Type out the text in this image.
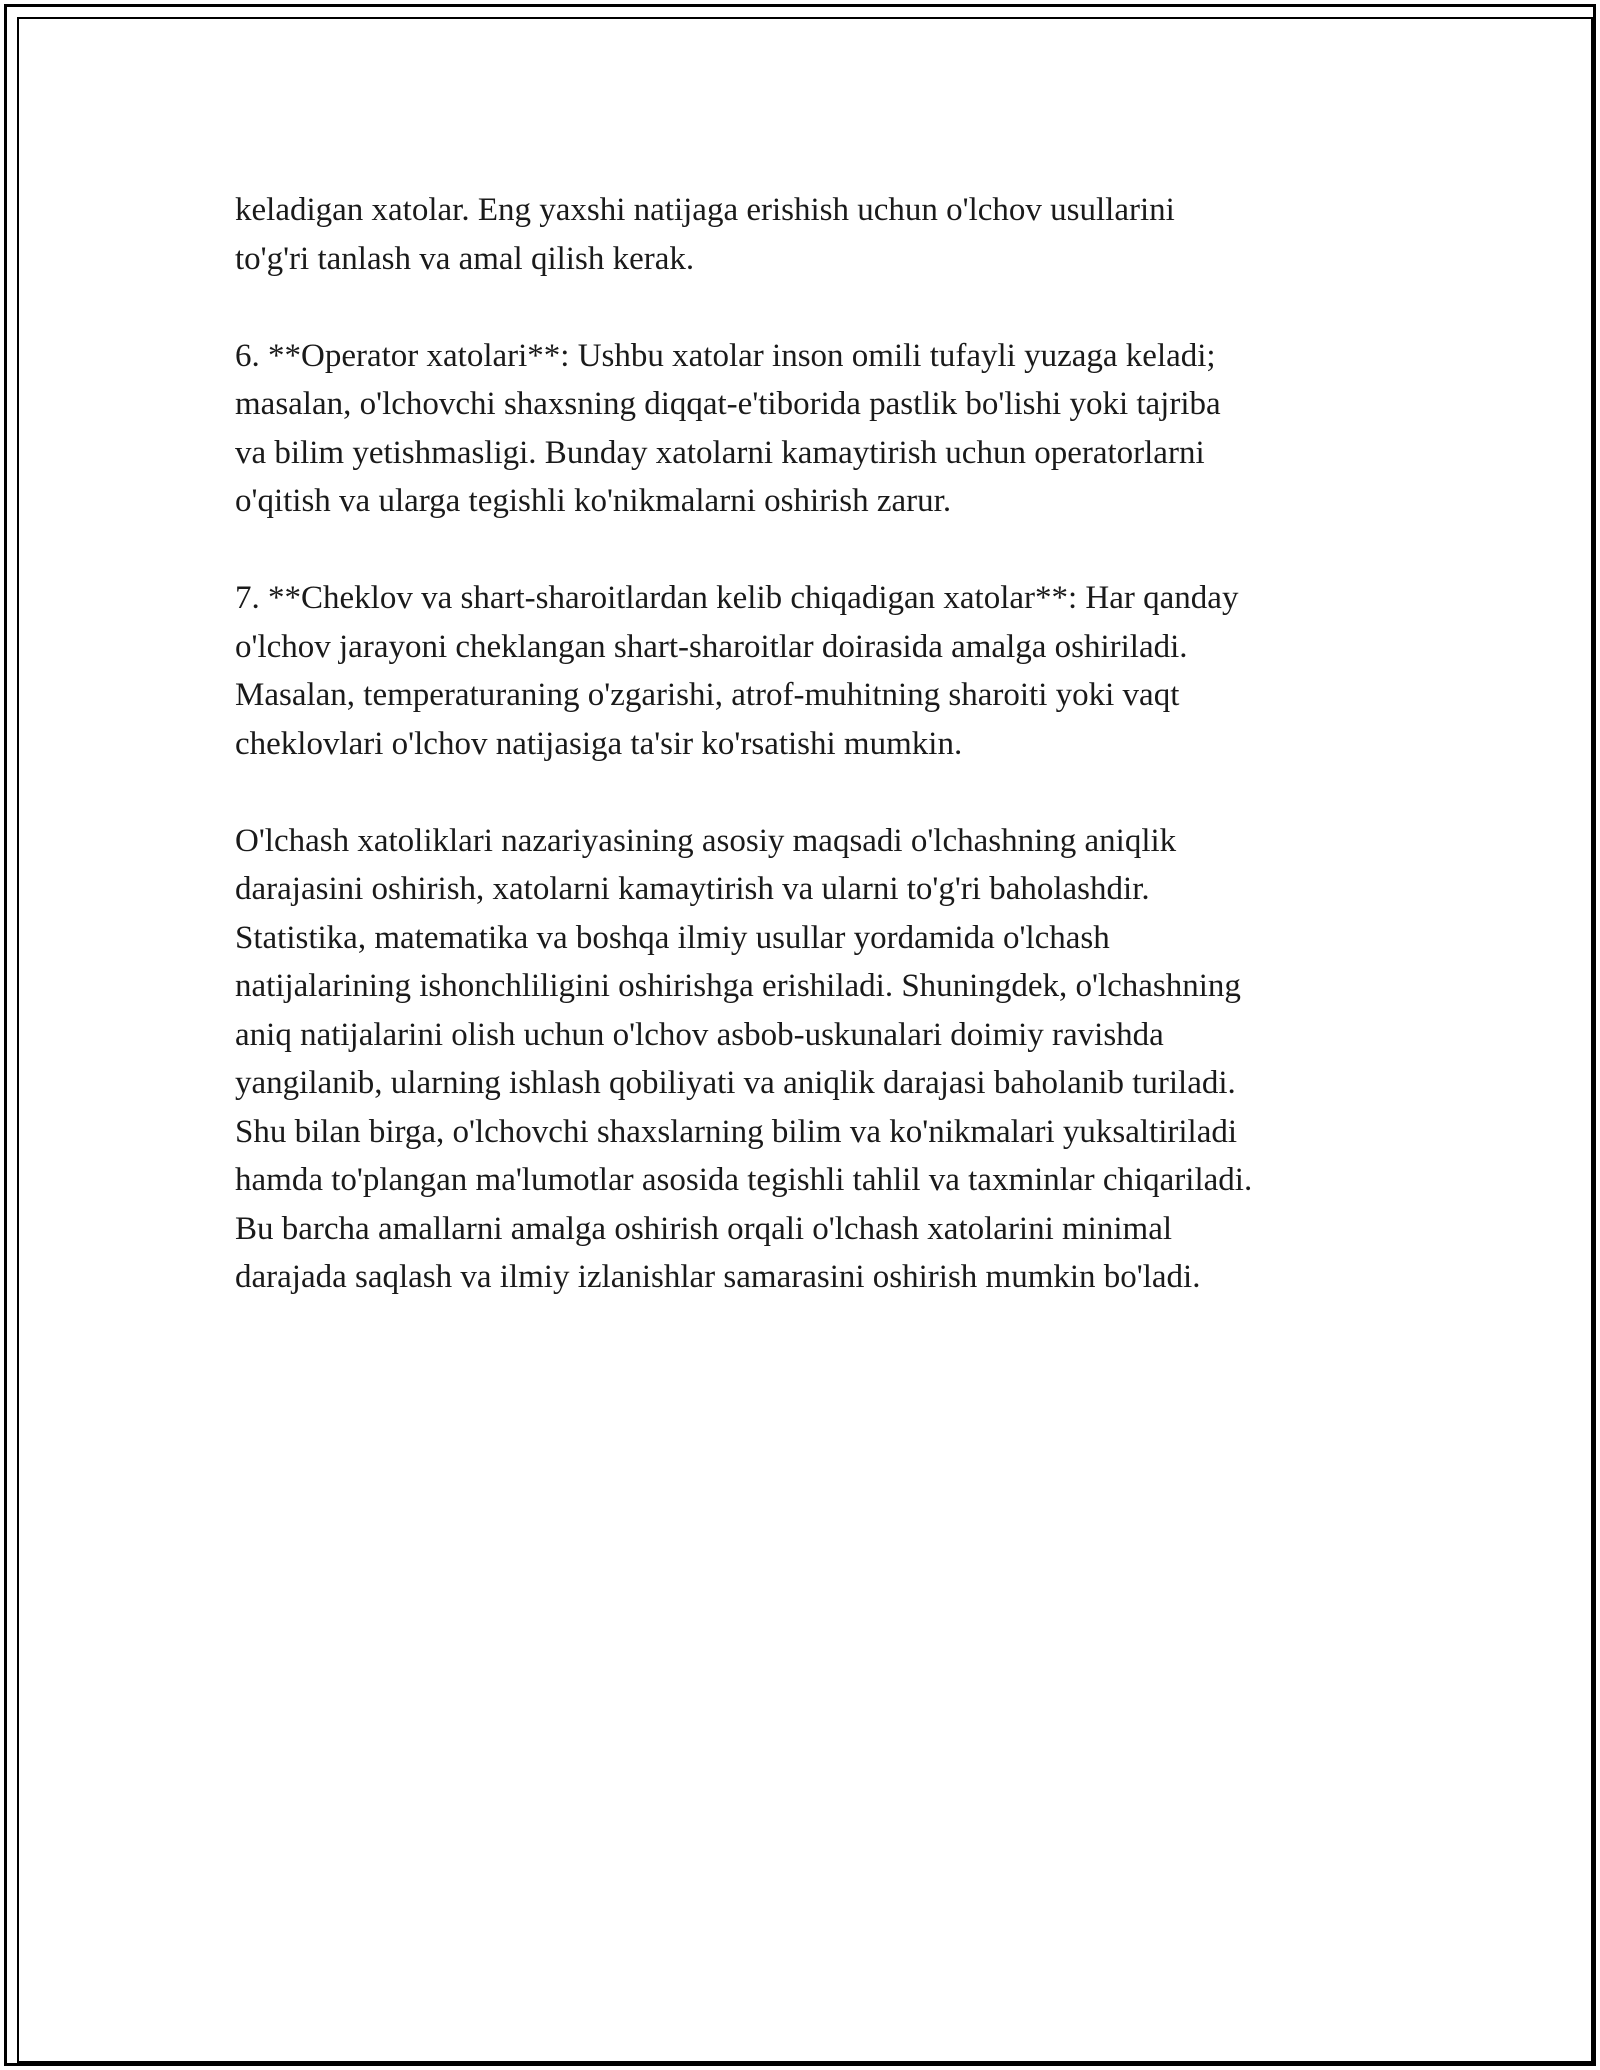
keladigan xatolar. Eng yaxshi natijaga erishish uchun o'lchov usullarini
to'g'ri tanlash va amal qilish kerak.

6. **Operator xatolari**: Ushbu xatolar inson omili tufayli yuzaga keladi;
masalan, o'lchovchi shaxsning diqqat-e'tiborida pastlik bo'lishi yoki tajriba
va bilim yetishmasligi. Bunday xatolarni kamaytirish uchun operatorlarni
o'qitish va ularga tegishli ko'nikmalarni oshirish zarur.

7. **Cheklov va shart-sharoitlardan kelib chiqadigan xatolar**: Har qanday
o'lchov jarayoni cheklangan shart-sharoitlar doirasida amalga oshiriladi.
Masalan, temperaturaning o'zgarishi, atrof-muhitning sharoiti yoki vaqt
cheklovlari o'lchov natijasiga ta'sir ko'rsatishi mumkin.

O'lchash xatoliklari nazariyasining asosiy maqsadi o'lchashning aniqlik
darajasini oshirish, xatolarni kamaytirish va ularni to'g'ri baholashdir.
Statistika, matematika va boshqa ilmiy usullar yordamida o'lchash
natijalarining ishonchliligini oshirishga erishiladi. Shuningdek, o'lchashning
aniq natijalarini olish uchun o'lchov asbob-uskunalari doimiy ravishda
yangilanib, ularning ishlash qobiliyati va aniqlik darajasi baholanib turiladi.
Shu bilan birga, o'lchovchi shaxslarning bilim va ko'nikmalari yuksaltiriladi
hamda to'plangan ma'lumotlar asosida tegishli tahlil va taxminlar chiqariladi.
Bu barcha amallarni amalga oshirish orqali o'lchash xatolarini minimal
darajada saqlash va ilmiy izlanishlar samarasini oshirish mumkin bo'ladi.
